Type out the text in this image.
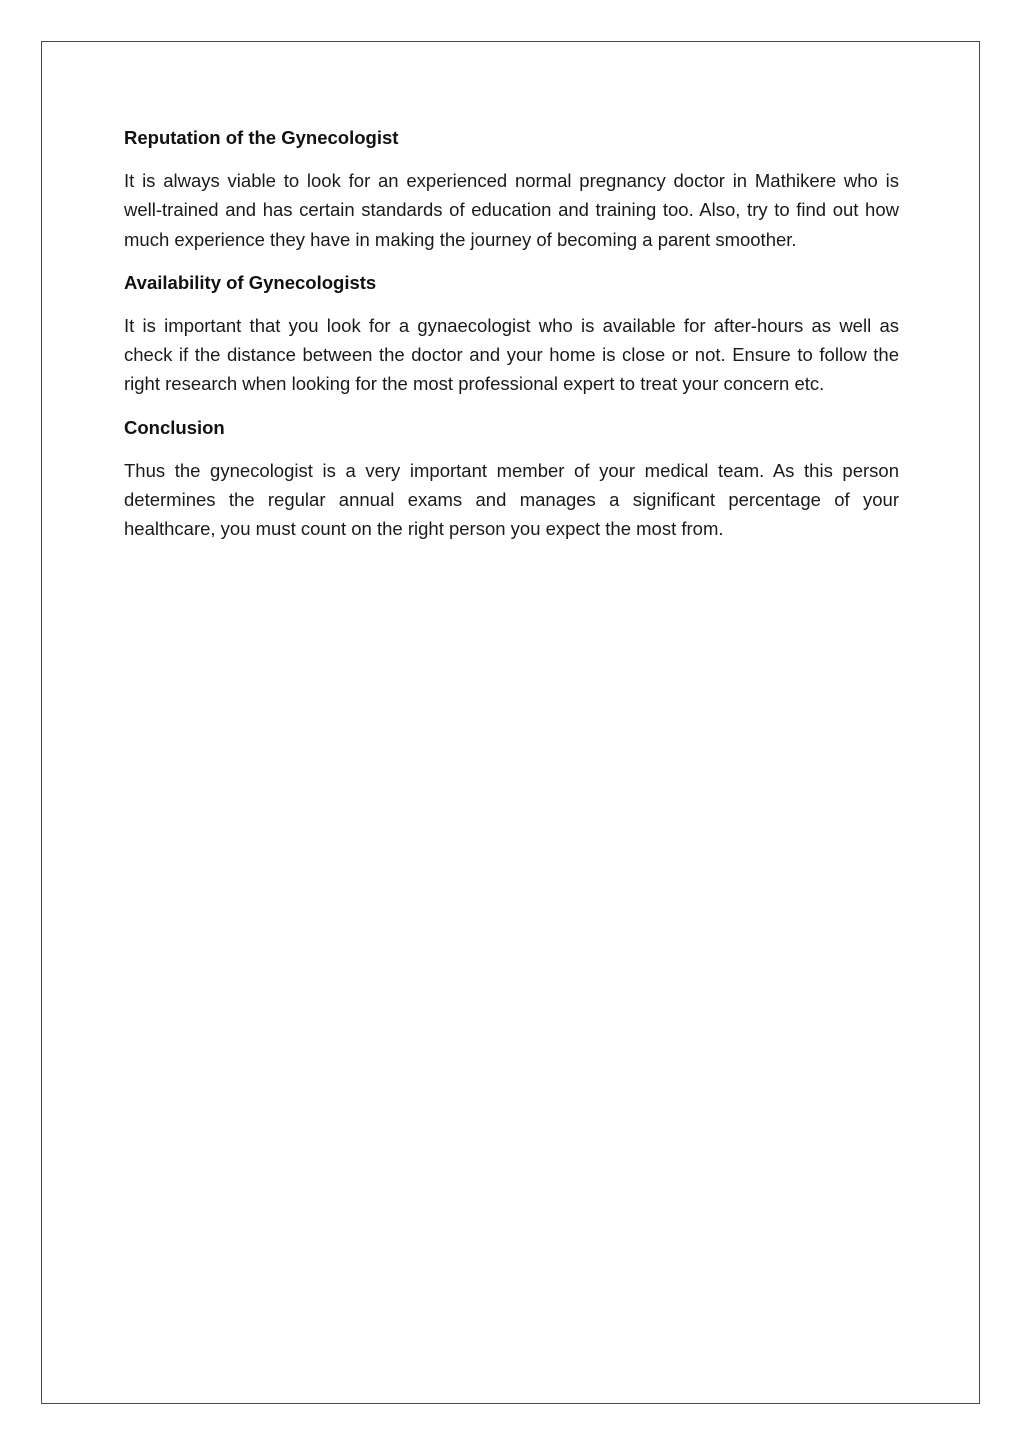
Reputation of the Gynecologist

It is always viable to look for an experienced normal pregnancy doctor in Mathikere who is well-trained and has certain standards of education and training too. Also, try to find out how much experience they have in making the journey of becoming a parent smoother.

Availability of Gynecologists

It is important that you look for a gynaecologist who is available for after-hours as well as check if the distance between the doctor and your home is close or not. Ensure to follow the right research when looking for the most professional expert to treat your concern etc.

Conclusion

Thus the gynecologist is a very important member of your medical team. As this person determines the regular annual exams and manages a significant percentage of your healthcare, you must count on the right person you expect the most from.
